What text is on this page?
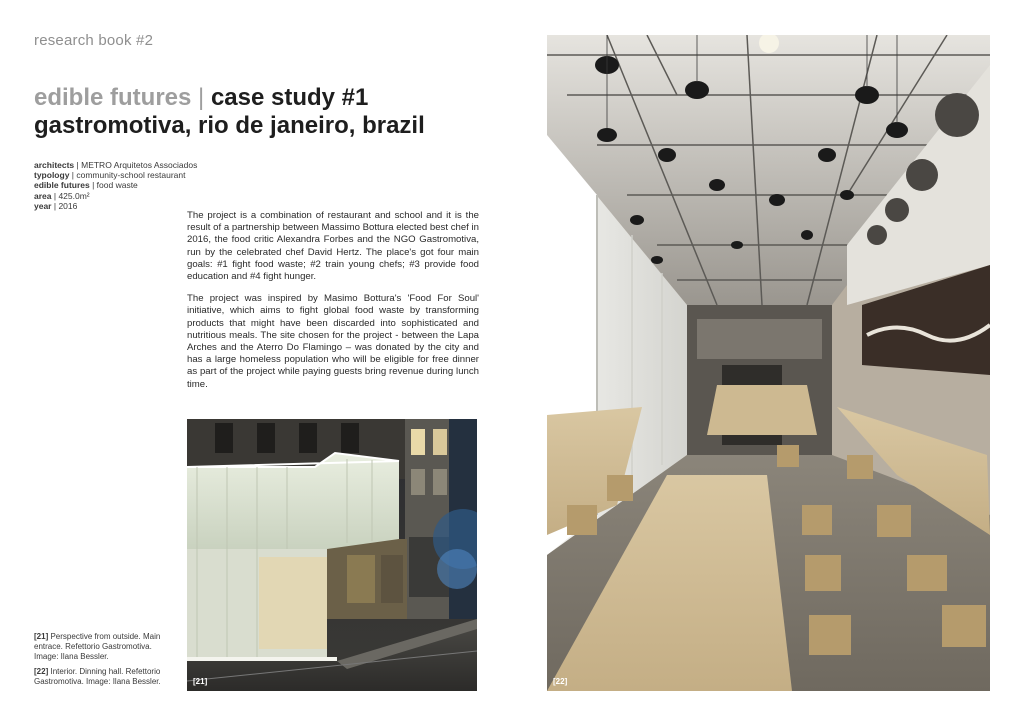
research book #2
edible futures | case study #1
gastromotiva, rio de janeiro, brazil
architects | METRO Arquitetos Associados
typology | community-school restaurant
edible futures | food waste
area | 425.0m²
year | 2016

The project is a combination of restaurant and school and it is the result of a partnership between Massimo Bottura elected best chef in 2016, the food critic Alexandra Forbes and the NGO Gastromotiva, run by the celebrated chef David Hertz. The place's got four main goals: #1 fight food waste; #2 train young chefs; #3 provide food education and #4 fight hunger.

The project was inspired by Masimo Bottura's 'Food For Soul' initiative, which aims to fight global food waste by transforming products that might have been discarded into sophisticated and nutritious meals. The site chosen for the project - between the Lapa Arches and the Aterro Do Flamingo – was donated by the city and has a large homeless population who will be eligible for free dinner as part of the project while paying guests bring revenue during lunch time.

[21]	[22]

[21] Perspective from outside. Main entrace. Refettorio Gastromotiva. Image: Ilana Bessler.

[22] Interior. Dinning hall. Refettorio Gastromotiva. Image: Ilana Bessler.
